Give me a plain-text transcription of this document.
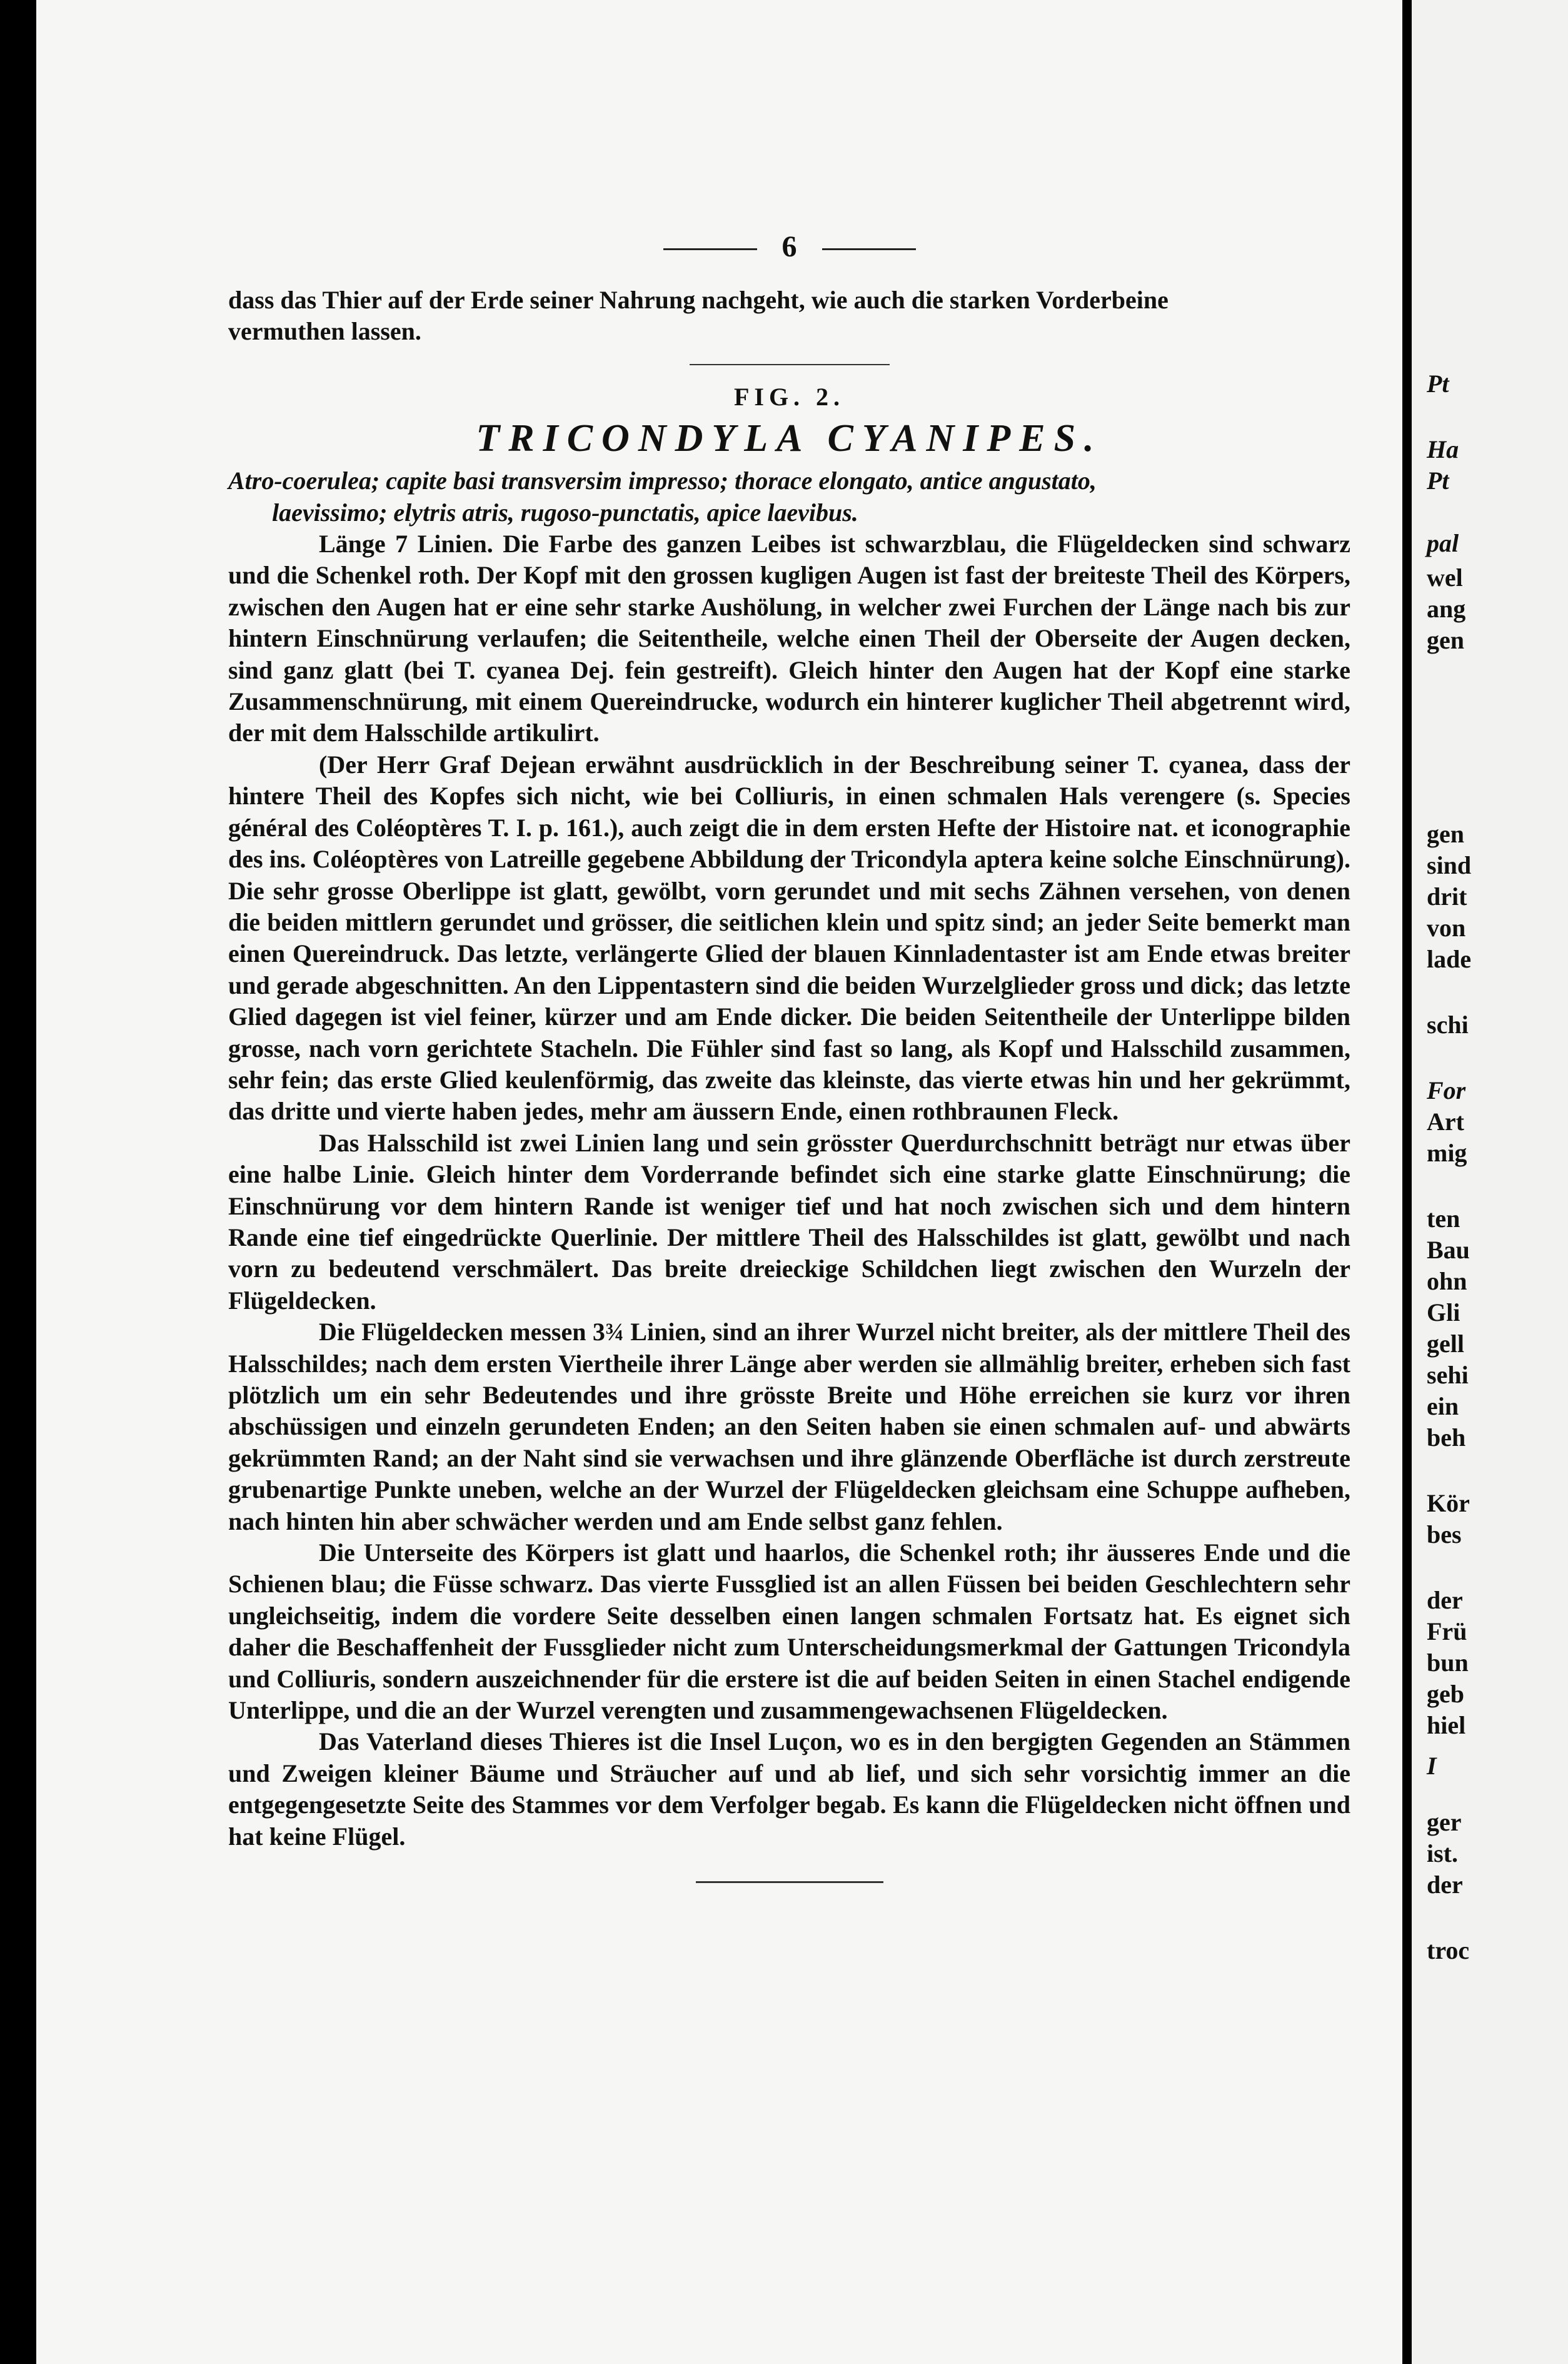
Pt
Ha
Pt
pal
wel
ang
gen
gen
sind
drit
von
lade
schi
For
Art
mig
ten
Bau
ohn
Gli
gell
sehi
ein
beh
Kör
bes
der
Frü
bun
geb
hiel
I
ger
ist.
der
troc
6

dass das Thier auf der Erde seiner Nahrung nachgeht, wie auch die starken Vorderbeine

vermuthen lassen.

FIG. 2.
TRICONDYLA CYANIPES.

Atro-coerulea; capite basi transversim impresso; thorace elongato, antice angustato,

laevissimo; elytris atris, rugoso-punctatis, apice laevibus.

Länge 7 Linien. Die Farbe des ganzen Leibes ist schwarzblau, die Flügeldecken sind schwarz und die Schenkel roth. Der Kopf mit den grossen kugligen Augen ist fast der breiteste Theil des Körpers, zwischen den Augen hat er eine sehr starke Aushölung, in welcher zwei Furchen der Länge nach bis zur hintern Einschnürung verlaufen; die Seitentheile, welche einen Theil der Oberseite der Augen decken, sind ganz glatt (bei T. cyanea Dej. fein gestreift). Gleich hinter den Augen hat der Kopf eine starke Zusammenschnürung, mit einem Quereindrucke, wodurch ein hinterer kuglicher Theil abgetrennt wird, der mit dem Halsschilde artikulirt.

(Der Herr Graf Dejean erwähnt ausdrücklich in der Beschreibung seiner T. cyanea, dass der hintere Theil des Kopfes sich nicht, wie bei Colliuris, in einen schmalen Hals verengere (s. Species général des Coléoptères T. I. p. 161.), auch zeigt die in dem ersten Hefte der Histoire nat. et iconographie des ins. Coléoptères von Latreille gegebene Abbildung der Tricondyla aptera keine solche Einschnürung). Die sehr grosse Oberlippe ist glatt, gewölbt, vorn gerundet und mit sechs Zähnen versehen, von denen die beiden mittlern gerundet und grösser, die seitlichen klein und spitz sind; an jeder Seite bemerkt man einen Quereindruck. Das letzte, verlängerte Glied der blauen Kinnladentaster ist am Ende etwas breiter und gerade abgeschnitten. An den Lippentastern sind die beiden Wurzelglieder gross und dick; das letzte Glied dagegen ist viel feiner, kürzer und am Ende dicker. Die beiden Seitentheile der Unterlippe bilden grosse, nach vorn gerichtete Stacheln. Die Fühler sind fast so lang, als Kopf und Halsschild zusammen, sehr fein; das erste Glied keulenförmig, das zweite das kleinste, das vierte etwas hin und her gekrümmt, das dritte und vierte haben jedes, mehr am äussern Ende, einen rothbraunen Fleck.

Das Halsschild ist zwei Linien lang und sein grösster Querdurchschnitt beträgt nur etwas über eine halbe Linie. Gleich hinter dem Vorderrande befindet sich eine starke glatte Einschnürung; die Einschnürung vor dem hintern Rande ist weniger tief und hat noch zwischen sich und dem hintern Rande eine tief eingedrückte Querlinie. Der mittlere Theil des Halsschildes ist glatt, gewölbt und nach vorn zu bedeutend verschmälert. Das breite dreieckige Schildchen liegt zwischen den Wurzeln der Flügeldecken.

Die Flügeldecken messen 3¾ Linien, sind an ihrer Wurzel nicht breiter, als der mittlere Theil des Halsschildes; nach dem ersten Viertheile ihrer Länge aber werden sie allmählig breiter, erheben sich fast plötzlich um ein sehr Bedeutendes und ihre grösste Breite und Höhe erreichen sie kurz vor ihren abschüssigen und einzeln gerundeten Enden; an den Seiten haben sie einen schmalen auf- und abwärts gekrümmten Rand; an der Naht sind sie verwachsen und ihre glänzende Oberfläche ist durch zerstreute grubenartige Punkte uneben, welche an der Wurzel der Flügeldecken gleichsam eine Schuppe aufheben, nach hinten hin aber schwächer werden und am Ende selbst ganz fehlen.

Die Unterseite des Körpers ist glatt und haarlos, die Schenkel roth; ihr äusseres Ende und die Schienen blau; die Füsse schwarz. Das vierte Fussglied ist an allen Füssen bei beiden Geschlechtern sehr ungleichseitig, indem die vordere Seite desselben einen langen schmalen Fortsatz hat. Es eignet sich daher die Beschaffenheit der Fussglieder nicht zum Unterscheidungsmerkmal der Gattungen Tricondyla und Colliuris, sondern auszeichnender für die erstere ist die auf beiden Seiten in einen Stachel endigende Unterlippe, und die an der Wurzel verengten und zusammengewachsenen Flügeldecken.

Das Vaterland dieses Thieres ist die Insel Luçon, wo es in den bergigten Gegenden an Stämmen und Zweigen kleiner Bäume und Sträucher auf und ab lief, und sich sehr vorsichtig immer an die entgegengesetzte Seite des Stammes vor dem Verfolger begab. Es kann die Flügeldecken nicht öffnen und hat keine Flügel.
